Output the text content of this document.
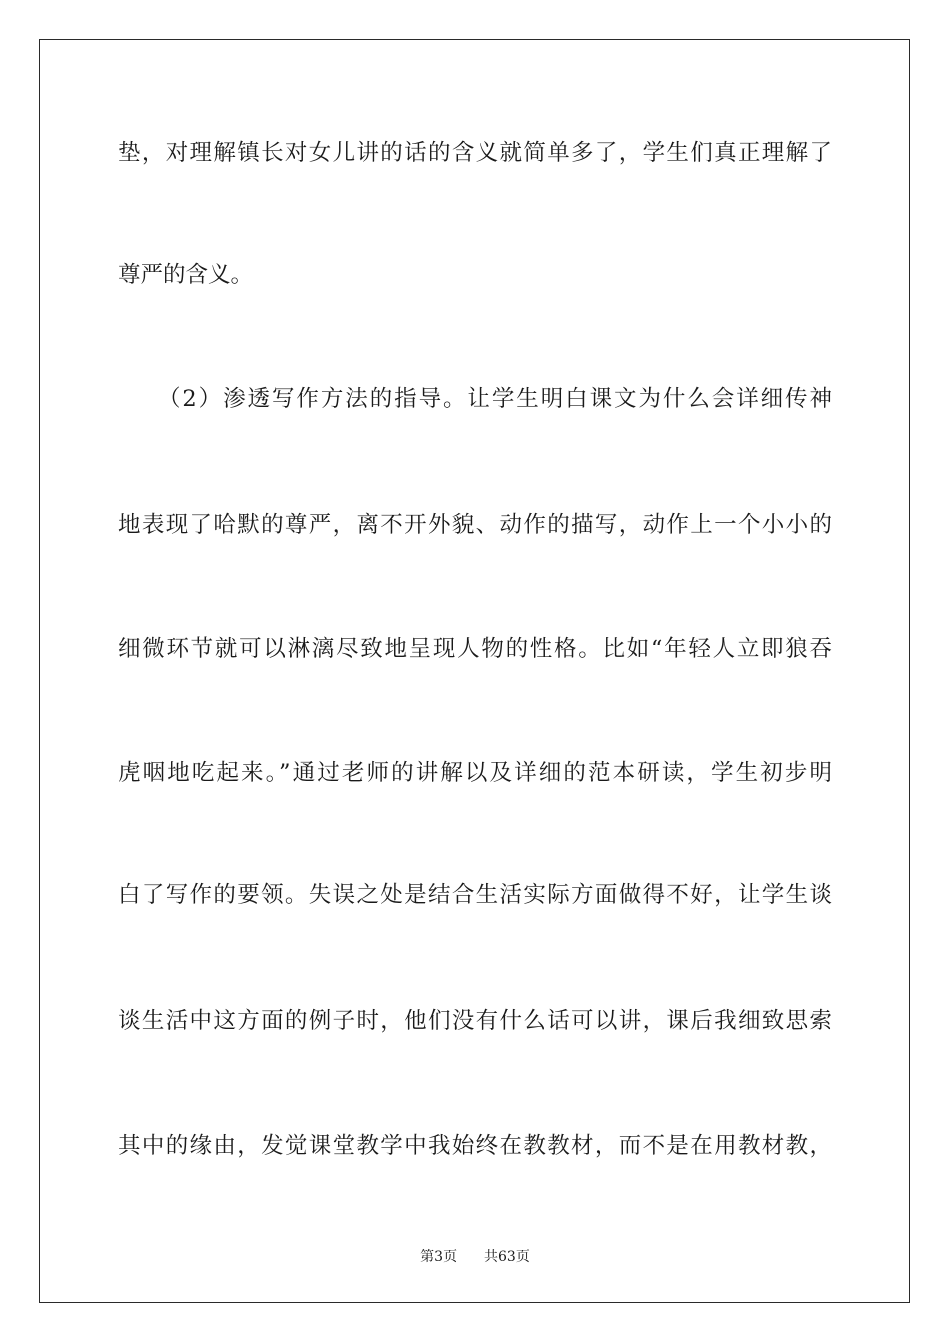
垫，对理解镇长对女儿讲的话的含义就简单多了，学生们真正理解了
尊严的含义。
（2）渗透写作方法的指导。让学生明白课文为什么会详细传神
地表现了哈默的尊严，离不开外貌、动作的描写，动作上一个小小的
细微环节就可以淋漓尽致地呈现人物的性格。比如“年轻人立即狼吞
虎咽地吃起来。”通过老师的讲解以及详细的范本研读，学生初步明
白了写作的要领。失误之处是结合生活实际方面做得不好，让学生谈
谈生活中这方面的例子时，他们没有什么话可以讲，课后我细致思索
其中的缘由，发觉课堂教学中我始终在教教材，而不是在用教材教，
第3页 共63页
